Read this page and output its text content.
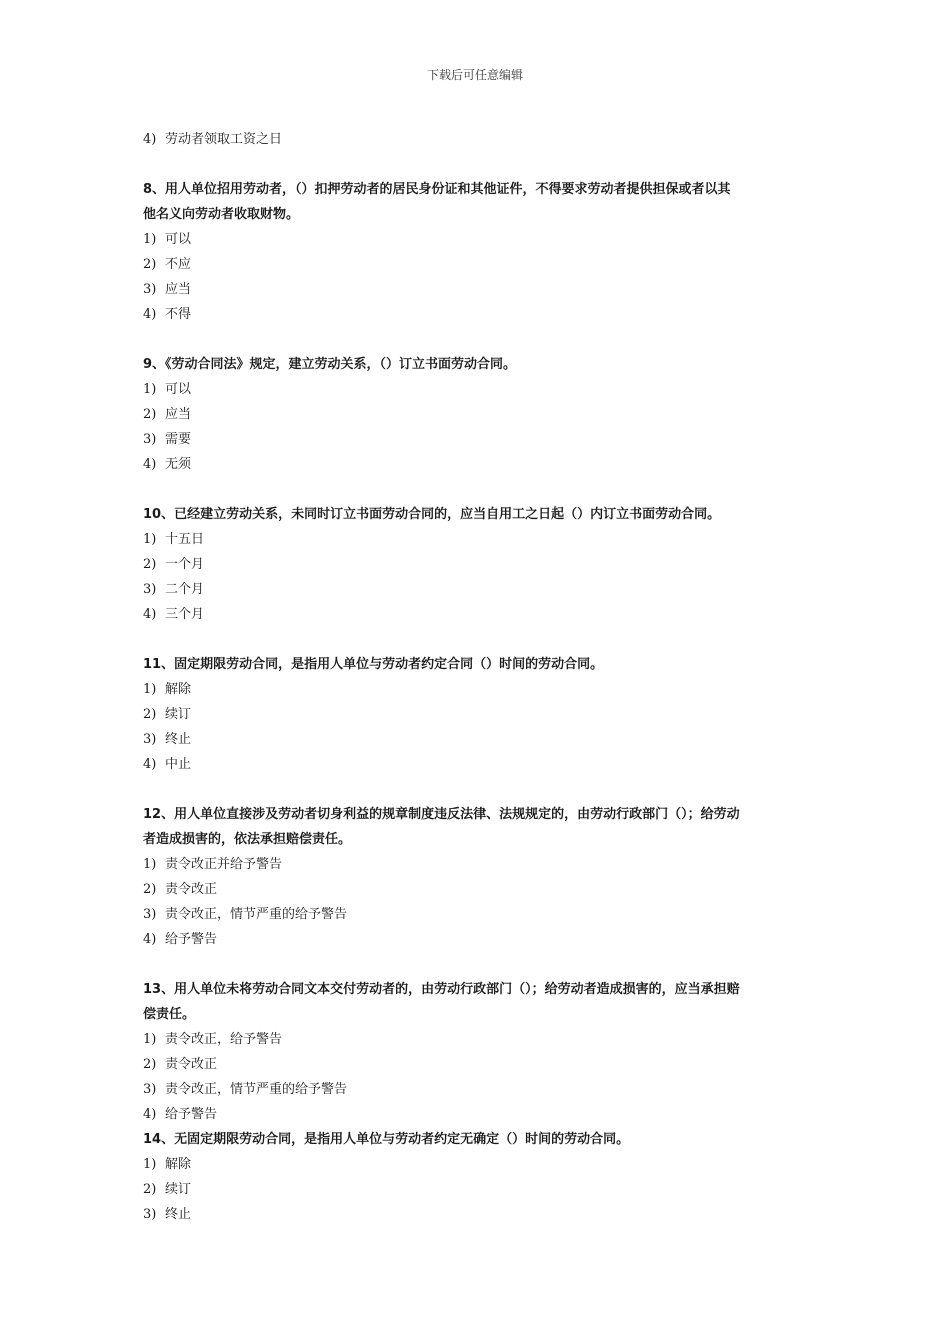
下载后可任意编辑
4) 劳动者领取工资之日
8、用人单位招用劳动者，（）扣押劳动者的居民身份证和其他证件，不得要求劳动者提供担保或者以其
他名义向劳动者收取财物。
1) 可以
2) 不应
3) 应当
4) 不得
9、《劳动合同法》规定，建立劳动关系，（）订立书面劳动合同。
1) 可以
2) 应当
3) 需要
4) 无须
10、已经建立劳动关系，未同时订立书面劳动合同的，应当自用工之日起（）内订立书面劳动合同。
1) 十五日
2) 一个月
3) 二个月
4) 三个月
11、固定期限劳动合同，是指用人单位与劳动者约定合同（）时间的劳动合同。
1) 解除
2) 续订
3) 终止
4) 中止
12、用人单位直接涉及劳动者切身利益的规章制度违反法律、法规规定的，由劳动行政部门（）；给劳动
者造成损害的，依法承担赔偿责任。
1) 责令改正并给予警告
2) 责令改正
3) 责令改正，情节严重的给予警告
4) 给予警告
13、用人单位未将劳动合同文本交付劳动者的，由劳动行政部门（）；给劳动者造成损害的，应当承担赔
偿责任。
1) 责令改正，给予警告
2) 责令改正
3) 责令改正，情节严重的给予警告
4) 给予警告
14、无固定期限劳动合同，是指用人单位与劳动者约定无确定（）时间的劳动合同。
1) 解除
2) 续订
3) 终止
